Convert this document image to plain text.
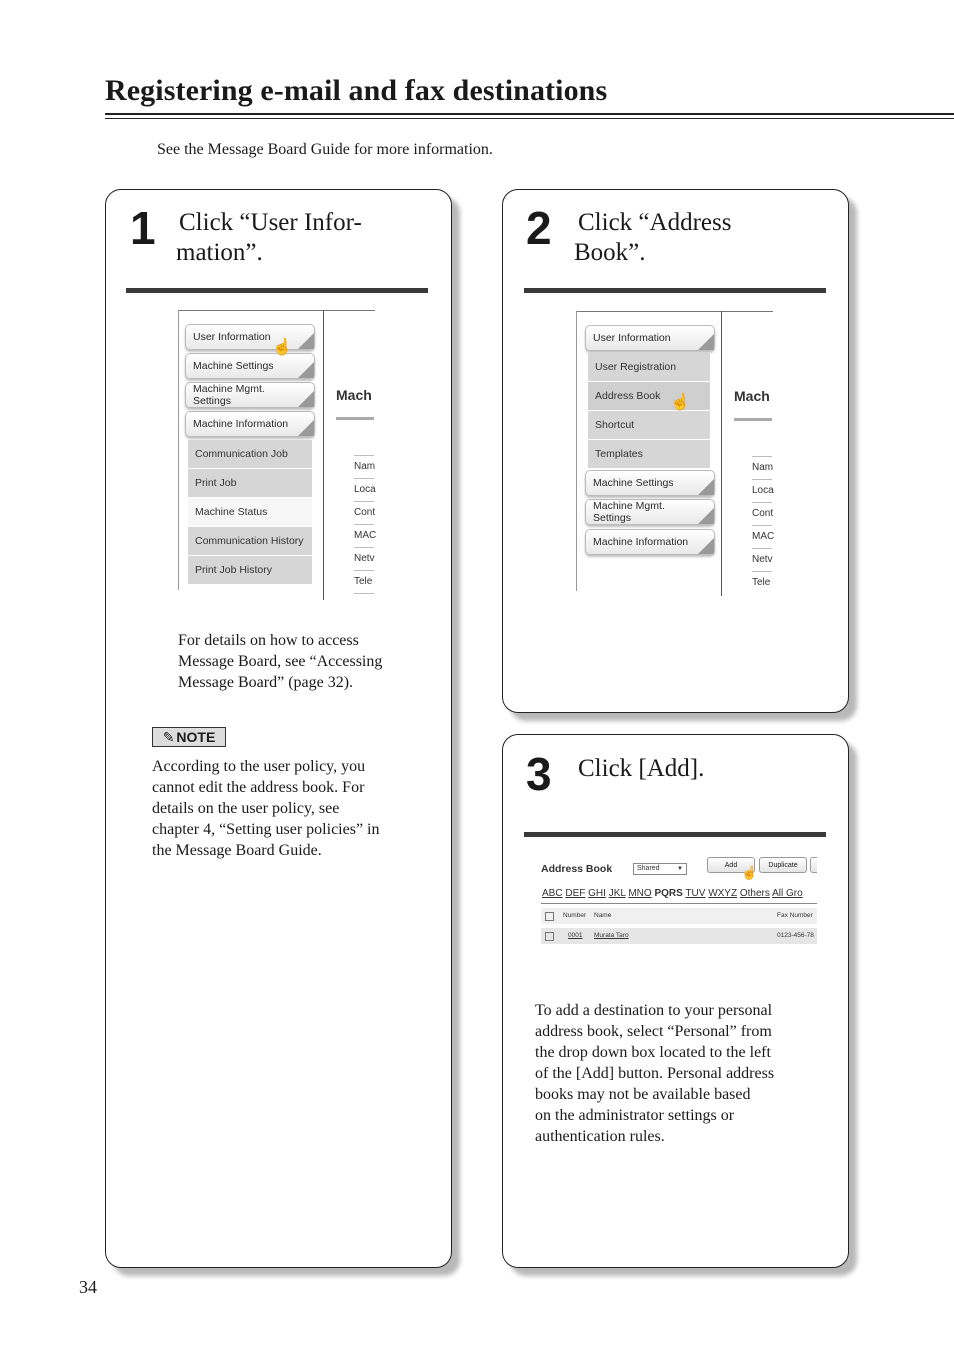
Registering e-mail and fax destinations
See the Message Board Guide for more information.
1 Click “User Infor-
mation”.
User Information
Machine Settings
Machine Mgmt. Settings
Machine Information
Communication Job
Print Job
Machine Status
Communication History
Print Job History
☝
Mach
Nam
Loca
Cont
MAC
Netv
Tele
For details on how to access
Message Board, see “Accessing
Message Board” (page 32).
✎ NOTE
According to the user policy, you
cannot edit the address book. For
details on the user policy, see
chapter 4, “Setting user policies” in
the Message Board Guide.
2 Click “Address
Book”.
User Information
User Registration
Address Book
Shortcut
Templates
Machine Settings
Machine Mgmt. Settings
Machine Information
☝	Mach
Nam
Loca
Cont
MAC
Netv
Tele
3 Click [Add].
Address Book	Shared	▼
Add ☝ Duplicate
ABC DEF GHI JKL MNO PQRS TUV WXYZ Others All Gro
Number Name	Fax Number
0001 Murata Taro	0123-456-78
To add a destination to your personal
address book, select “Personal” from
the drop down box located to the left
of the [Add] button. Personal address
books may not be available based
on the administrator settings or
authentication rules.
34
